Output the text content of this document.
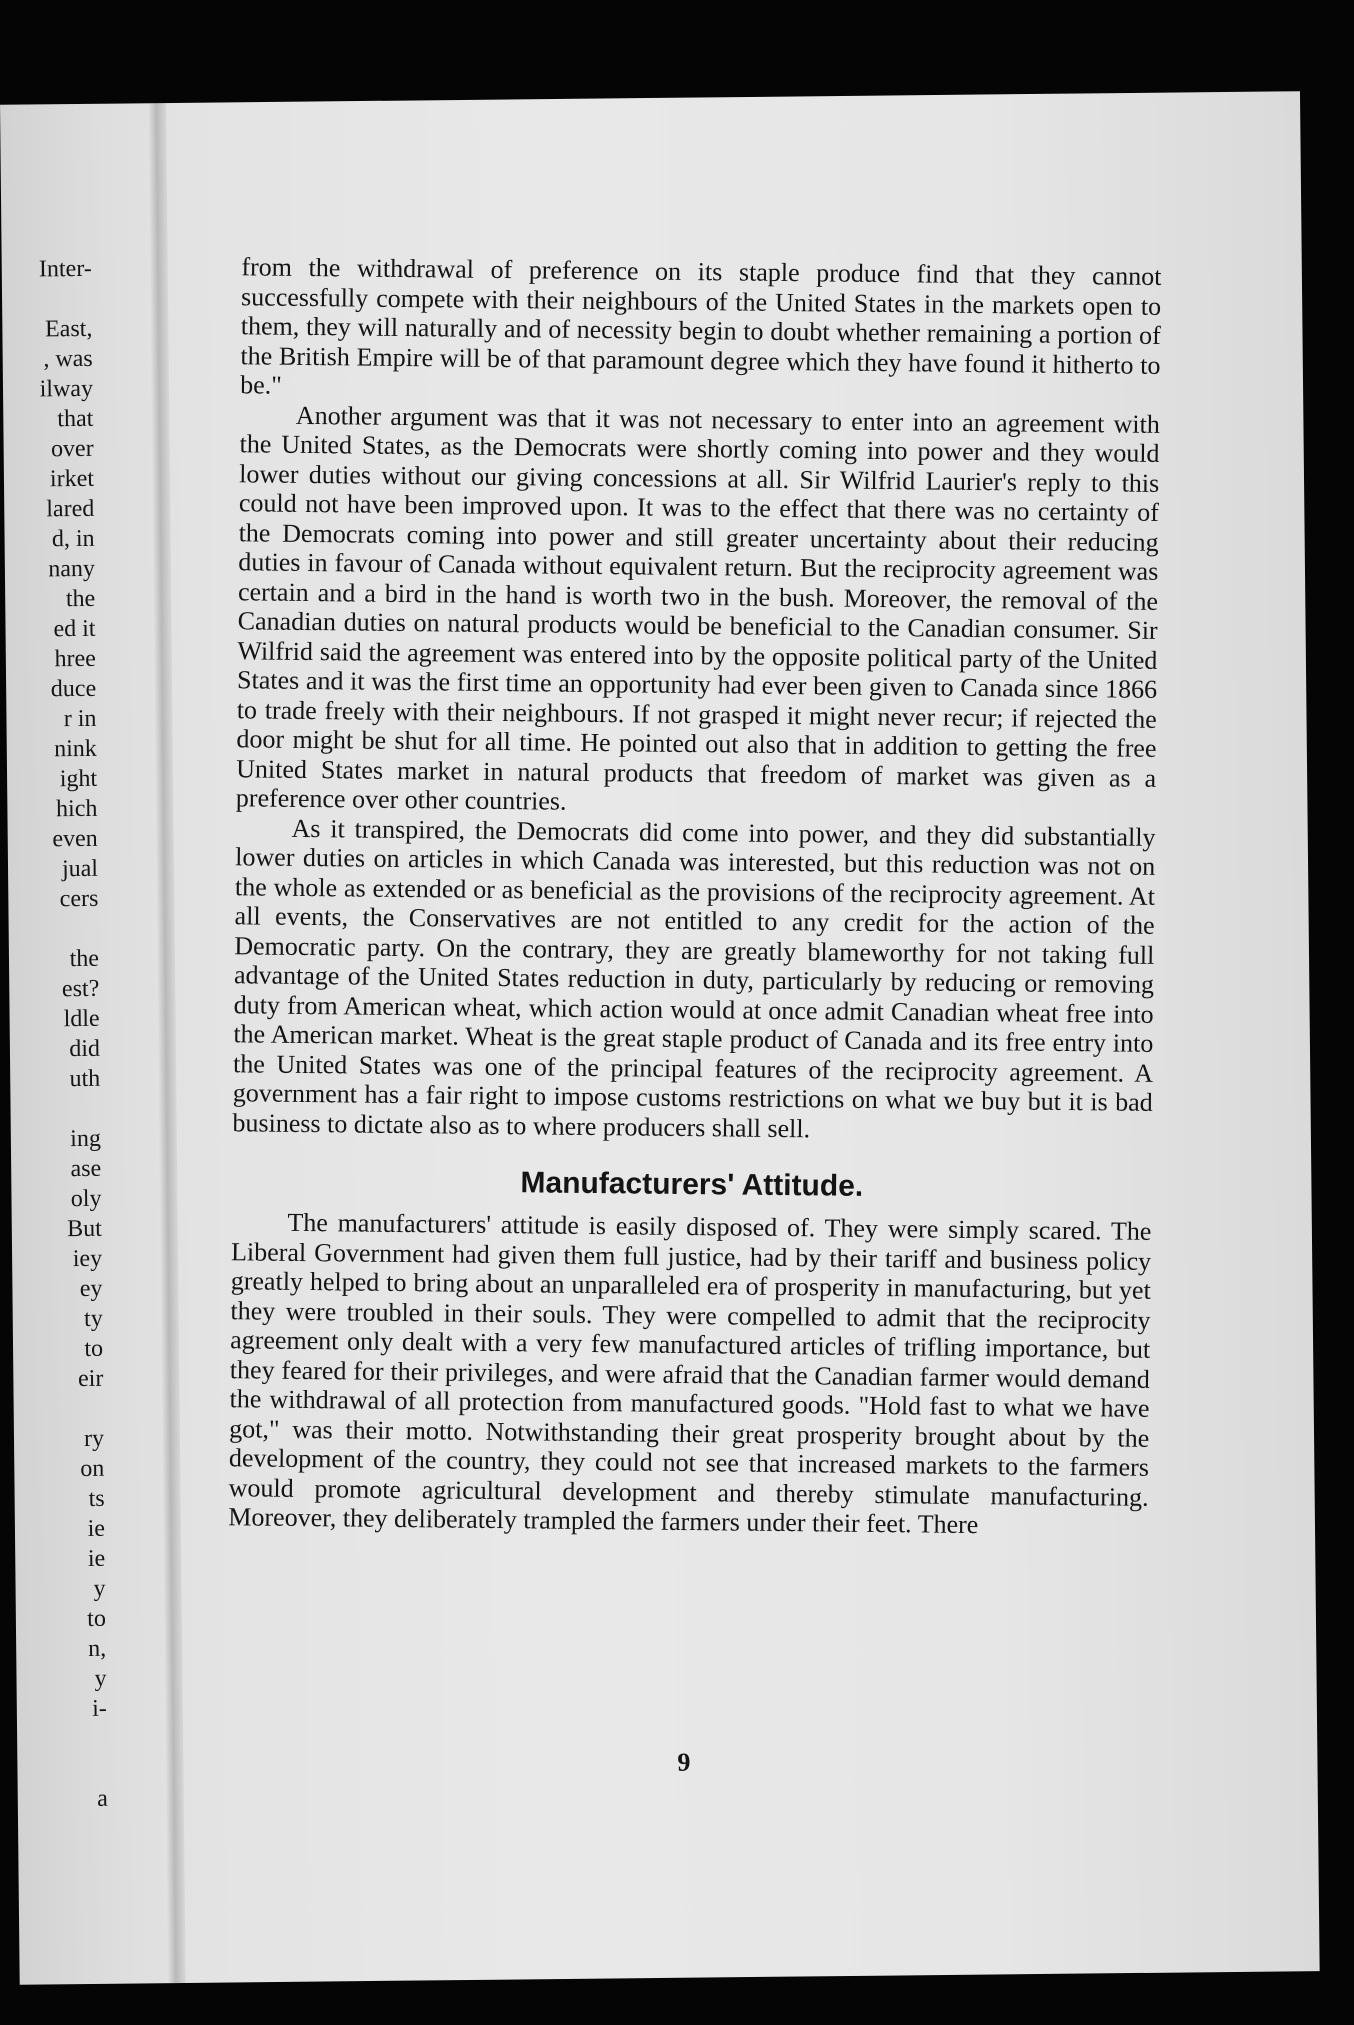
Inter-
East,
, was
ilway
that
over
irket
lared
d, in
nany
the
ed it
hree
duce
r in
nink
ight
hich
even
jual
cers
the
est?
ldle
did
uth
ing
ase
oly
But
iey
ey
ty
to
eir
ry
on
ts
ie
ie
y
to
n,
y
i-
a

from the withdrawal of preference on its staple produce find that they cannot successfully compete with their neighbours of the United States in the markets open to them, they will naturally and of necessity begin to doubt whether remaining a portion of the British Empire will be of that paramount degree which they have found it hitherto to be."

Another argument was that it was not necessary to enter into an agreement with the United States, as the Democrats were shortly coming into power and they would lower duties without our giving concessions at all. Sir Wilfrid Laurier's reply to this could not have been improved upon. It was to the effect that there was no certainty of the Democrats coming into power and still greater uncertainty about their reducing duties in favour of Canada without equivalent return. But the reciprocity agreement was certain and a bird in the hand is worth two in the bush. Moreover, the removal of the Canadian duties on natural products would be beneficial to the Canadian consumer. Sir Wilfrid said the agreement was entered into by the opposite political party of the United States and it was the first time an opportunity had ever been given to Canada since 1866 to trade freely with their neighbours. If not grasped it might never recur; if rejected the door might be shut for all time. He pointed out also that in addition to getting the free United States market in natural products that freedom of market was given as a preference over other countries.

As it transpired, the Democrats did come into power, and they did substantially lower duties on articles in which Canada was interested, but this reduction was not on the whole as extended or as beneficial as the provisions of the reciprocity agreement. At all events, the Conservatives are not entitled to any credit for the action of the Democratic party. On the contrary, they are greatly blameworthy for not taking full advantage of the United States reduction in duty, particularly by reducing or removing duty from American wheat, which action would at once admit Canadian wheat free into the American market. Wheat is the great staple product of Canada and its free entry into the United States was one of the principal features of the reciprocity agreement. A government has a fair right to impose customs restrictions on what we buy but it is bad business to dictate also as to where producers shall sell.

Manufacturers' Attitude.

The manufacturers' attitude is easily disposed of. They were simply scared. The Liberal Government had given them full justice, had by their tariff and business policy greatly helped to bring about an unparalleled era of prosperity in manufacturing, but yet they were troubled in their souls. They were compelled to admit that the reciprocity agreement only dealt with a very few manufactured articles of trifling importance, but they feared for their privileges, and were afraid that the Canadian farmer would demand the withdrawal of all protection from manufactured goods. "Hold fast to what we have got," was their motto. Notwithstanding their great prosperity brought about by the development of the country, they could not see that increased markets to the farmers would promote agricultural development and thereby stimulate manufacturing. Moreover, they deliberately trampled the farmers under their feet. There

9
